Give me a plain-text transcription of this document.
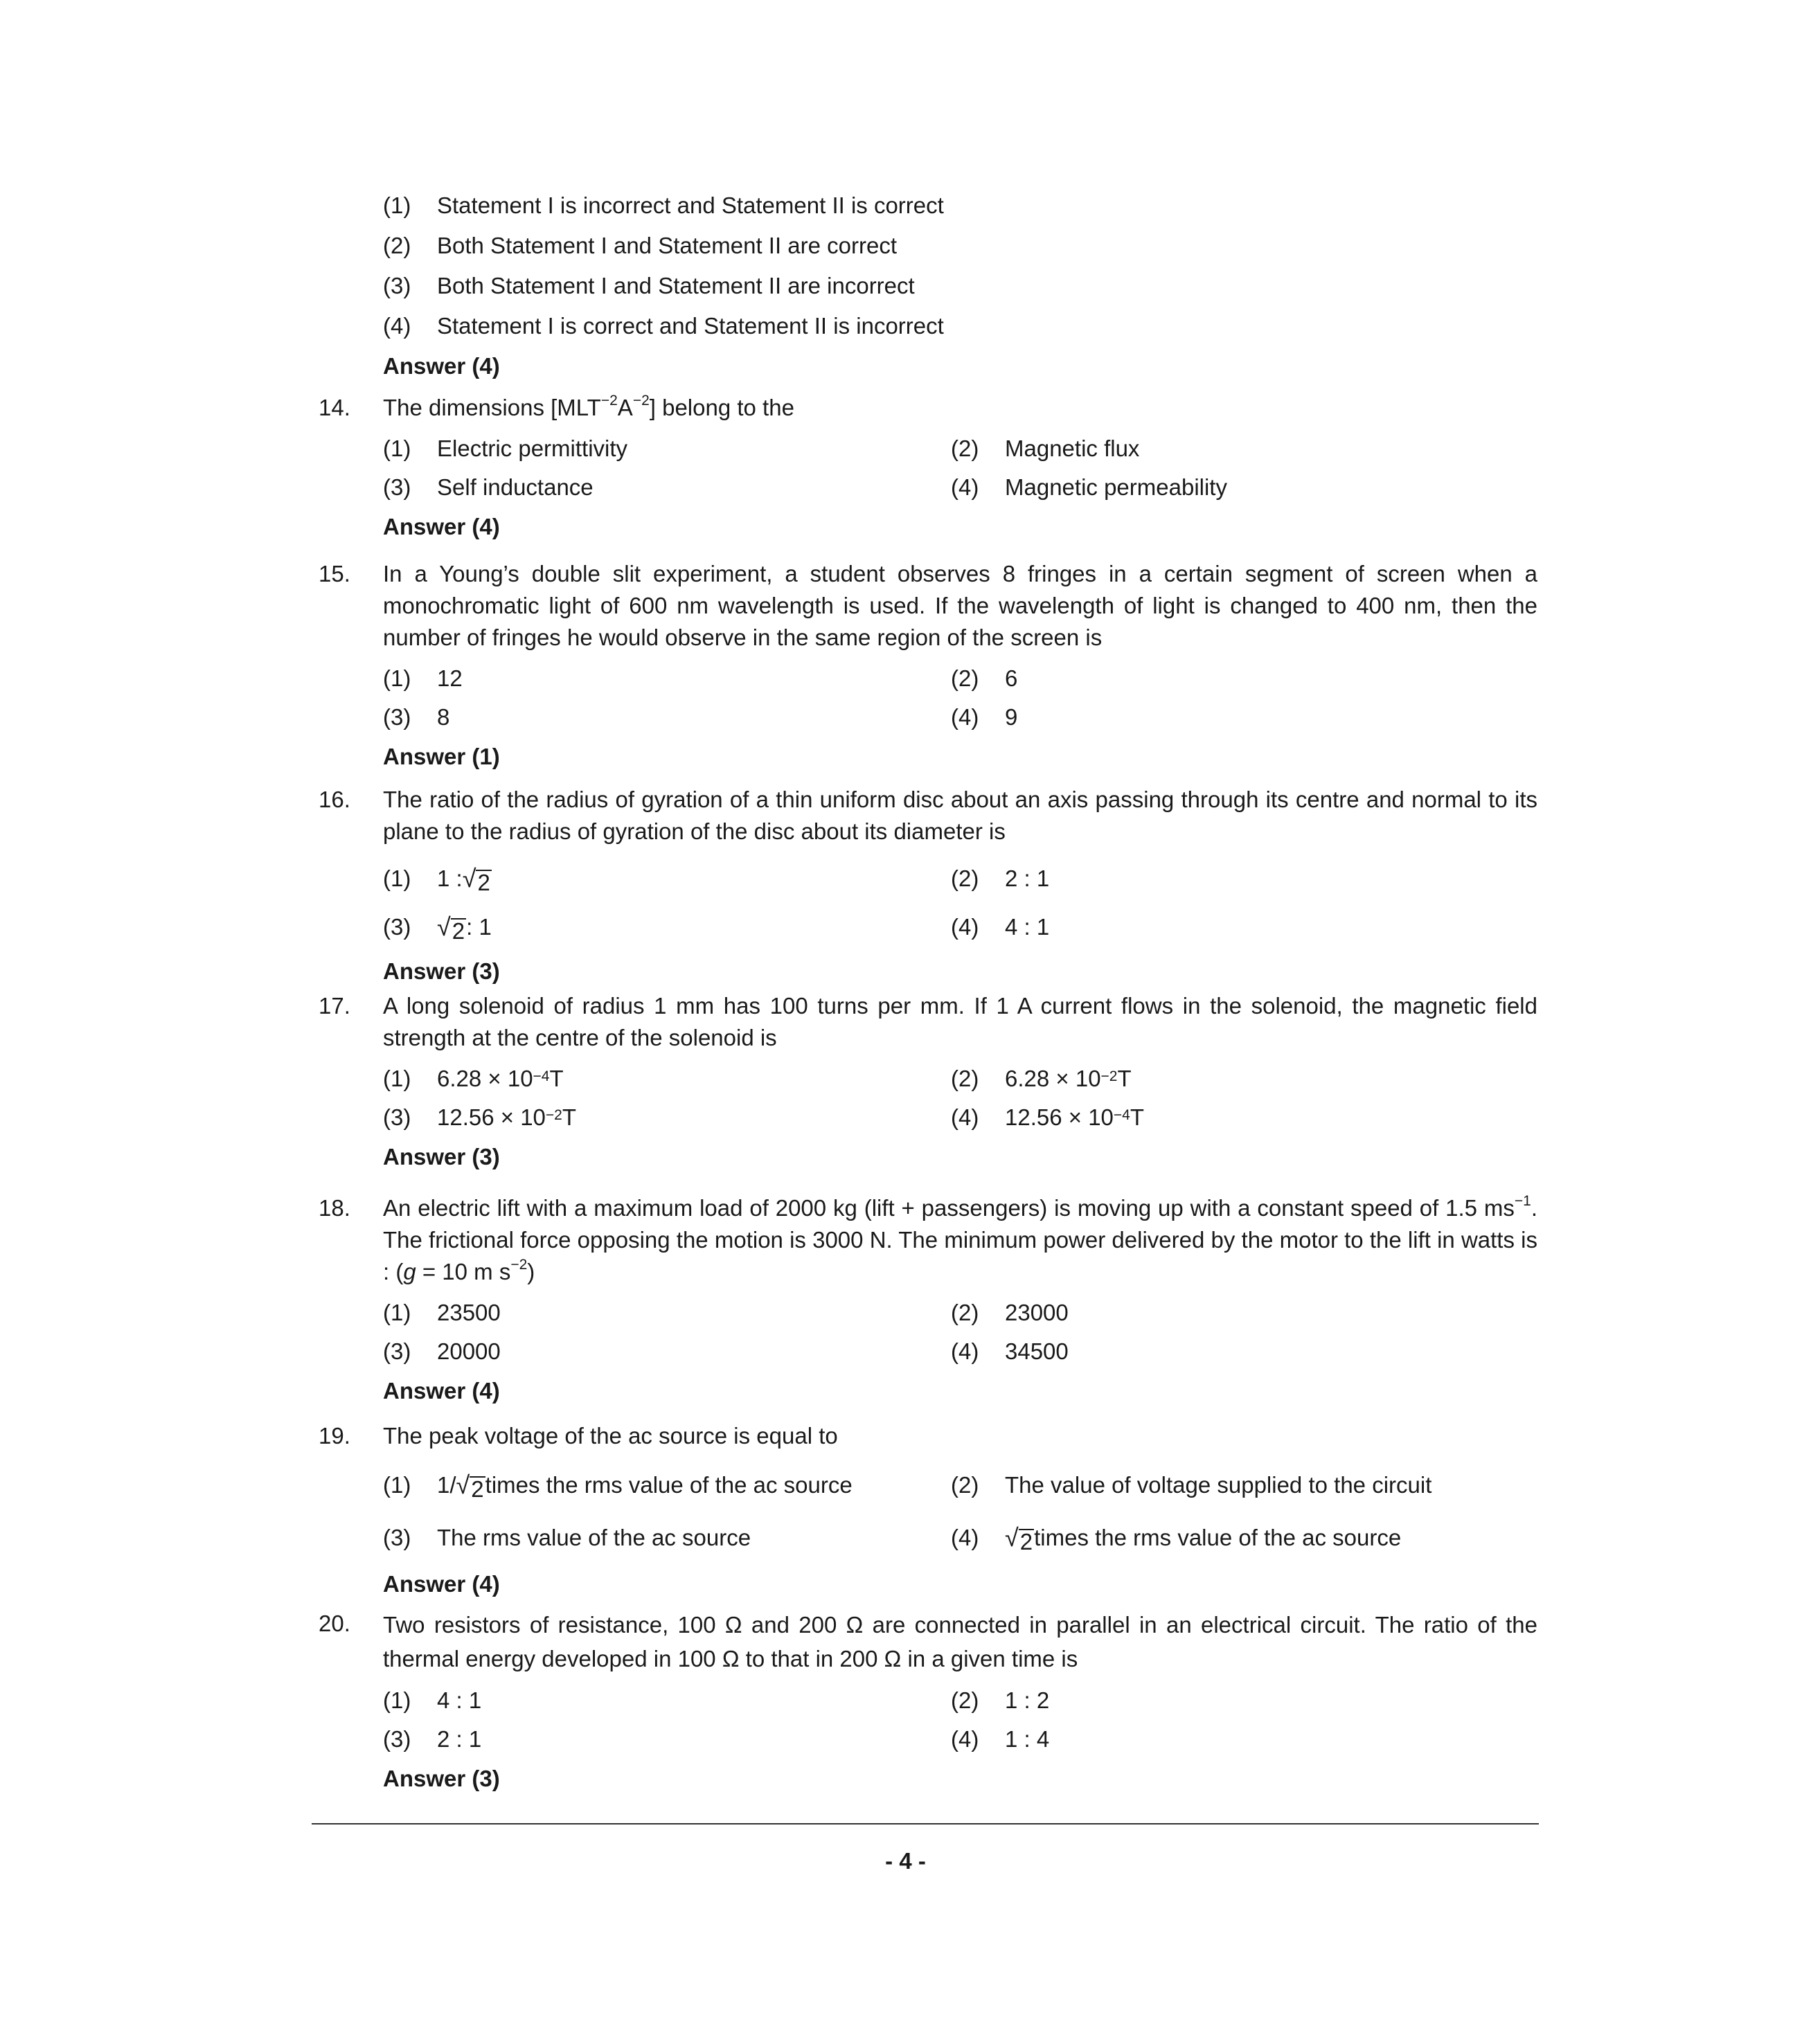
(1)	Statement I is incorrect and Statement II is correct
(2)	Both Statement I and Statement II are correct
(3)	Both Statement I and Statement II are incorrect
(4)	Statement I is correct and Statement II is incorrect
Answer (4)
14.	The dimensions $[MLT^{-2}A^{-2}]$ belong to the
(1)	Electric permittivity	(2)	Magnetic flux
(3)	Self inductance	(4)	Magnetic permeability
Answer (4)
15.	In a Young’s double slit experiment, a student observes 8 fringes in a certain segment of screen when a monochromatic light of 600 nm wavelength is used. If the wavelength of light is changed to 400 nm, then the number of fringes he would observe in the same region of the screen is
(1)	12	(2)	6
(3)	8	(4)	9
Answer (1)
16.	The ratio of the radius of gyration of a thin uniform disc about an axis passing through its centre and normal to its plane to the radius of gyration of the disc about its diameter is
(1)	1 : √ 2	(2)	2 : 1
(3)	√ 2 : 1	(4)	4 : 1
Answer (3)
17.	A long solenoid of radius 1 mm has 100 turns per mm. If 1 A current flows in the solenoid, the magnetic field strength at the centre of the solenoid is
(1)	$6.28 \times 10^{-4}$ T	(2)	$6.28 \times 10^{-2}$ T
(3)	$12.56 \times 10^{-2}$ T	(4)	$12.56 \times 10^{-4}$ T
Answer (3)
18.	An electric lift with a maximum load of 2000 kg (lift + passengers) is moving up with a constant speed of 1.5 $ms^{-1}$. The frictional force opposing the motion is 3000 N. The minimum power delivered by the motor to the lift in watts is : (g = 10 m $s^{-2}$)
(1)	23500	(2)	23000
(3)	20000	(4)	34500
Answer (4)
19.	The peak voltage of the ac source is equal to
(1)	1/ √ 2 times the rms value of the ac source	(2)	The value of voltage supplied to the circuit
(3)	The rms value of the ac source	(4)	√ 2 times the rms value of the ac source
Answer (4)
20.	Two resistors of resistance, 100 Ω and 200 Ω are connected in parallel in an electrical circuit. The ratio of the thermal energy developed in 100 Ω to that in 200 Ω in a given time is
(1)	4 : 1	(2)	1 : 2
(3)	2 : 1	(4)	1 : 4
Answer (3)
- 4 -
